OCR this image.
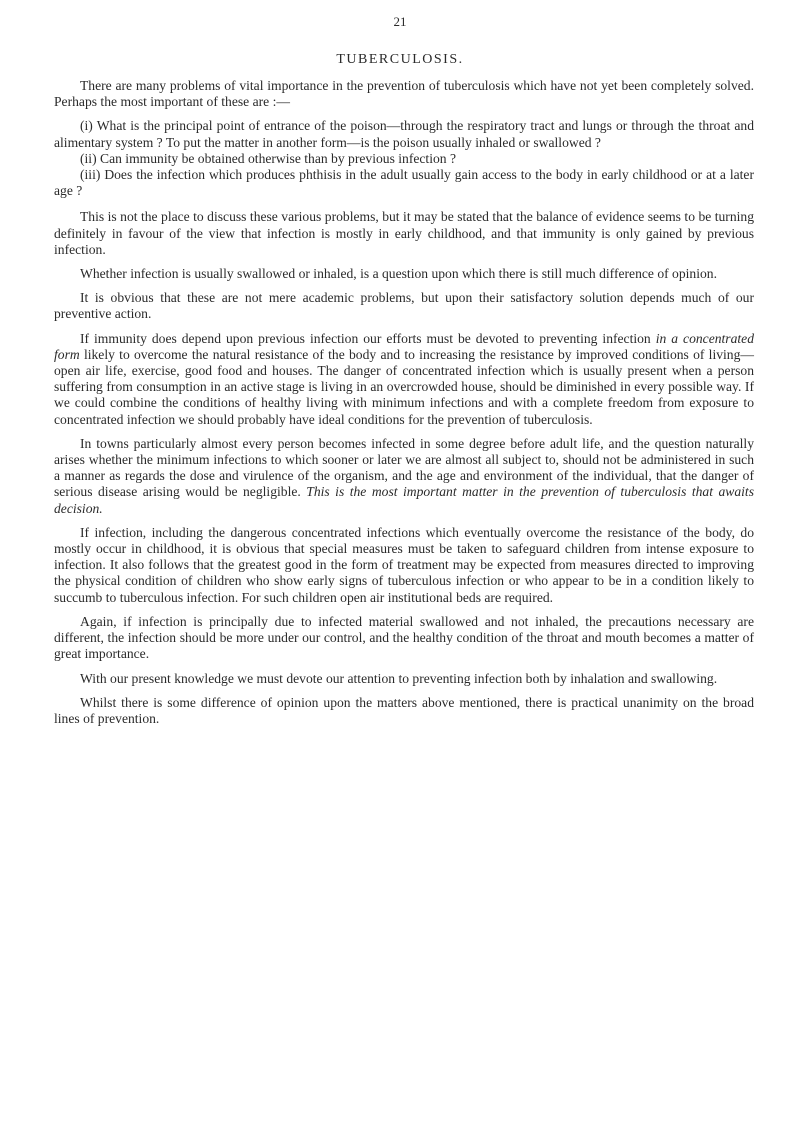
21
TUBERCULOSIS.

There are many problems of vital importance in the prevention of tuberculosis which have not yet been completely solved. Perhaps the most important of these are :—

(i) What is the principal point of entrance of the poison—through the respiratory tract and lungs or through the throat and alimentary system ? To put the matter in another form—is the poison usually inhaled or swallowed ?

(ii) Can immunity be obtained otherwise than by previous infection ?

(iii) Does the infection which produces phthisis in the adult usually gain access to the body in early childhood or at a later age ?

This is not the place to discuss these various problems, but it may be stated that the balance of evidence seems to be turning definitely in favour of the view that infection is mostly in early childhood, and that immunity is only gained by previous infection.

Whether infection is usually swallowed or inhaled, is a question upon which there is still much difference of opinion.

It is obvious that these are not mere academic problems, but upon their satisfactory solution depends much of our preventive action.

If immunity does depend upon previous infection our efforts must be devoted to preventing infection in a concentrated form likely to overcome the natural resistance of the body and to increasing the resistance by improved conditions of living—open air life, exercise, good food and houses. The danger of concentrated infection which is usually present when a person suffering from consumption in an active stage is living in an overcrowded house, should be diminished in every possible way. If we could combine the conditions of healthy living with minimum infections and with a complete freedom from exposure to concentrated infection we should probably have ideal conditions for the prevention of tuberculosis.

In towns particularly almost every person becomes infected in some degree before adult life, and the question naturally arises whether the minimum infections to which sooner or later we are almost all subject to, should not be administered in such a manner as regards the dose and virulence of the organism, and the age and environment of the individual, that the danger of serious disease arising would be negligible. This is the most important matter in the prevention of tuberculosis that awaits decision.

If infection, including the dangerous concentrated infections which eventually overcome the resistance of the body, do mostly occur in childhood, it is obvious that special measures must be taken to safeguard children from intense exposure to infection. It also follows that the greatest good in the form of treatment may be expected from measures directed to improving the physical condition of children who show early signs of tuberculous infection or who appear to be in a condition likely to succumb to tuberculous infection. For such children open air institutional beds are required.

Again, if infection is principally due to infected material swallowed and not inhaled, the precautions necessary are different, the infection should be more under our control, and the healthy condition of the throat and mouth becomes a matter of great importance.

With our present knowledge we must devote our attention to preventing infection both by inhalation and swallowing.

Whilst there is some difference of opinion upon the matters above mentioned, there is practical unanimity on the broad lines of prevention.
